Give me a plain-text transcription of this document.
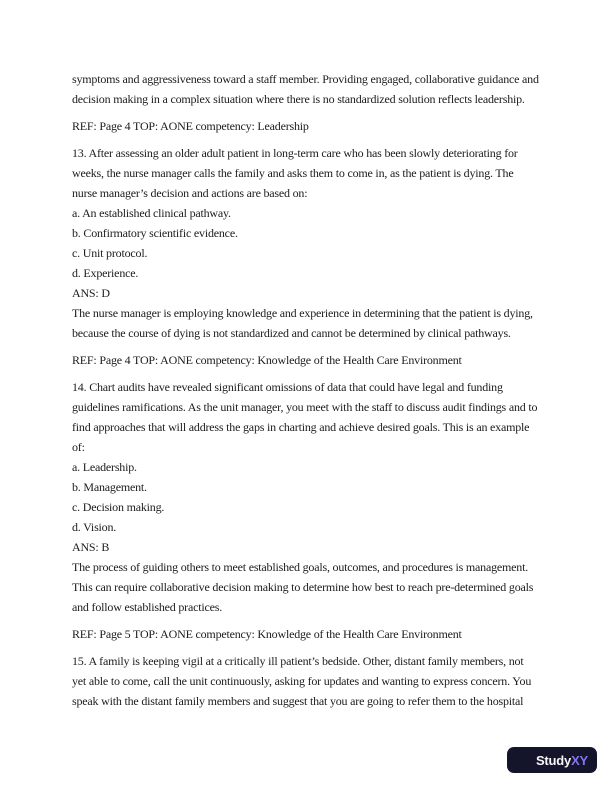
symptoms and aggressiveness toward a staff member. Providing engaged, collaborative guidance and
decision making in a complex situation where there is no standardized solution reflects leadership.
REF: Page 4 TOP: AONE competency: Leadership
13. After assessing an older adult patient in long-term care who has been slowly deteriorating for
weeks, the nurse manager calls the family and asks them to come in, as the patient is dying. The
nurse manager’s decision and actions are based on:
a. An established clinical pathway.
b. Confirmatory scientific evidence.
c. Unit protocol.
d. Experience.
ANS: D
The nurse manager is employing knowledge and experience in determining that the patient is dying,
because the course of dying is not standardized and cannot be determined by clinical pathways.
REF: Page 4 TOP: AONE competency: Knowledge of the Health Care Environment
14. Chart audits have revealed significant omissions of data that could have legal and funding
guidelines ramifications. As the unit manager, you meet with the staff to discuss audit findings and to
find approaches that will address the gaps in charting and achieve desired goals. This is an example
of:
a. Leadership.
b. Management.
c. Decision making.
d. Vision.
ANS: B
The process of guiding others to meet established goals, outcomes, and procedures is management.
This can require collaborative decision making to determine how best to reach pre-determined goals
and follow established practices.
REF: Page 5 TOP: AONE competency: Knowledge of the Health Care Environment
15. A family is keeping vigil at a critically ill patient’s bedside. Other, distant family members, not
yet able to come, call the unit continuously, asking for updates and wanting to express concern. You
speak with the distant family members and suggest that you are going to refer them to the hospital
Study XY
